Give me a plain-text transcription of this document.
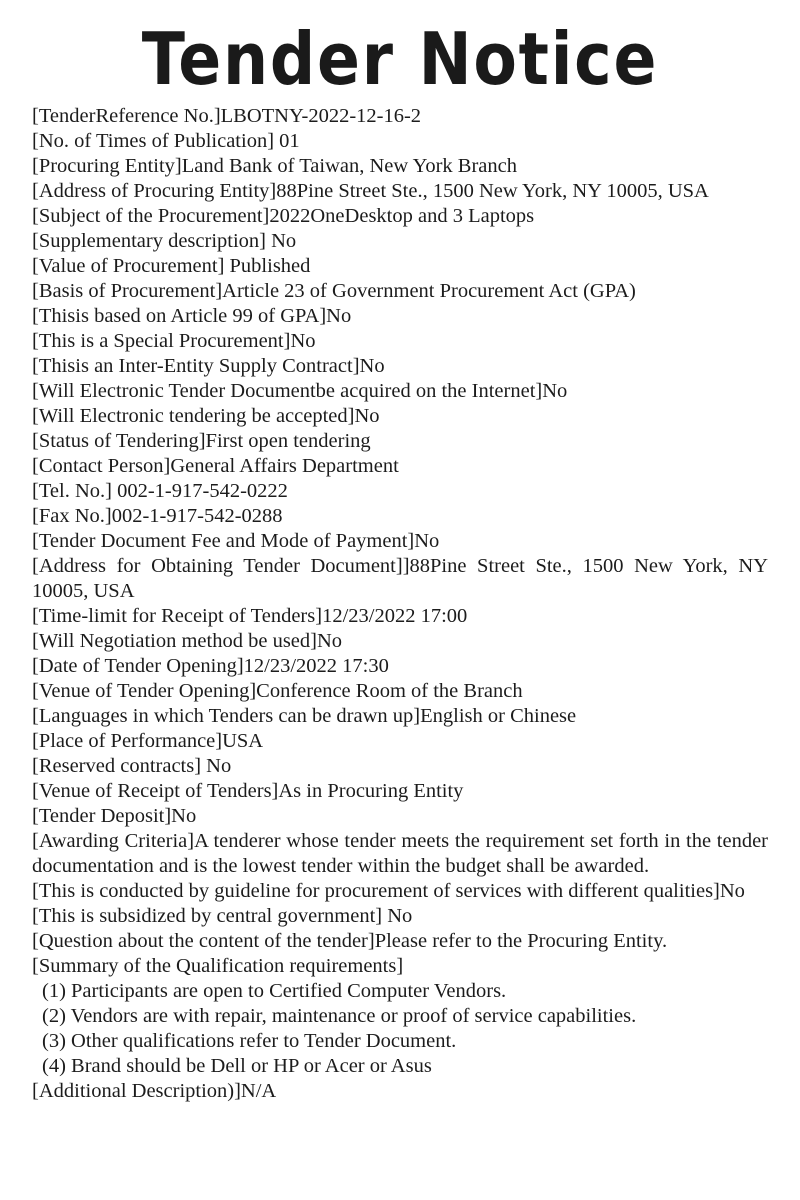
Tender Notice
[TenderReference No.]LBOTNY-2022-12-16-2
[No. of Times of Publication] 01
[Procuring Entity]Land Bank of Taiwan, New York Branch
[Address of Procuring Entity]88Pine Street Ste., 1500 New York, NY 10005, USA
[Subject of the Procurement]2022OneDesktop and 3 Laptops
[Supplementary description] No
[Value of Procurement] Published
[Basis of Procurement]Article 23 of Government Procurement Act (GPA)
[Thisis based on Article 99 of GPA]No
[This is a Special Procurement]No
[Thisis an Inter-Entity Supply Contract]No
[Will Electronic Tender Documentbe acquired on the Internet]No
[Will Electronic tendering be accepted]No
[Status of Tendering]First open tendering
[Contact Person]General Affairs Department
[Tel. No.] 002-1-917-542-0222
[Fax No.]002-1-917-542-0288
[Tender Document Fee and Mode of Payment]No
[Address for Obtaining Tender Document]]88Pine Street Ste., 1500 New York, NY 10005, USA
[Time-limit for Receipt of Tenders]12/23/2022 17:00
[Will Negotiation method be used]No
[Date of Tender Opening]12/23/2022 17:30
[Venue of Tender Opening]Conference Room of the Branch
[Languages in which Tenders can be drawn up]English or Chinese
[Place of Performance]USA
[Reserved contracts] No
[Venue of Receipt of Tenders]As in Procuring Entity
[Tender Deposit]No
[Awarding Criteria]A tenderer whose tender meets the requirement set forth in the tender documentation and is the lowest tender within the budget shall be awarded.
[This is conducted by guideline for procurement of services with different qualities]No
[This is subsidized by central government] No
[Question about the content of the tender]Please refer to the Procuring Entity.
[Summary of the Qualification requirements]
(1) Participants are open to Certified Computer Vendors.
(2) Vendors are with repair, maintenance or proof of service capabilities.
(3) Other qualifications refer to Tender Document.
(4) Brand should be Dell or HP or Acer or Asus
[Additional Description)]N/A
